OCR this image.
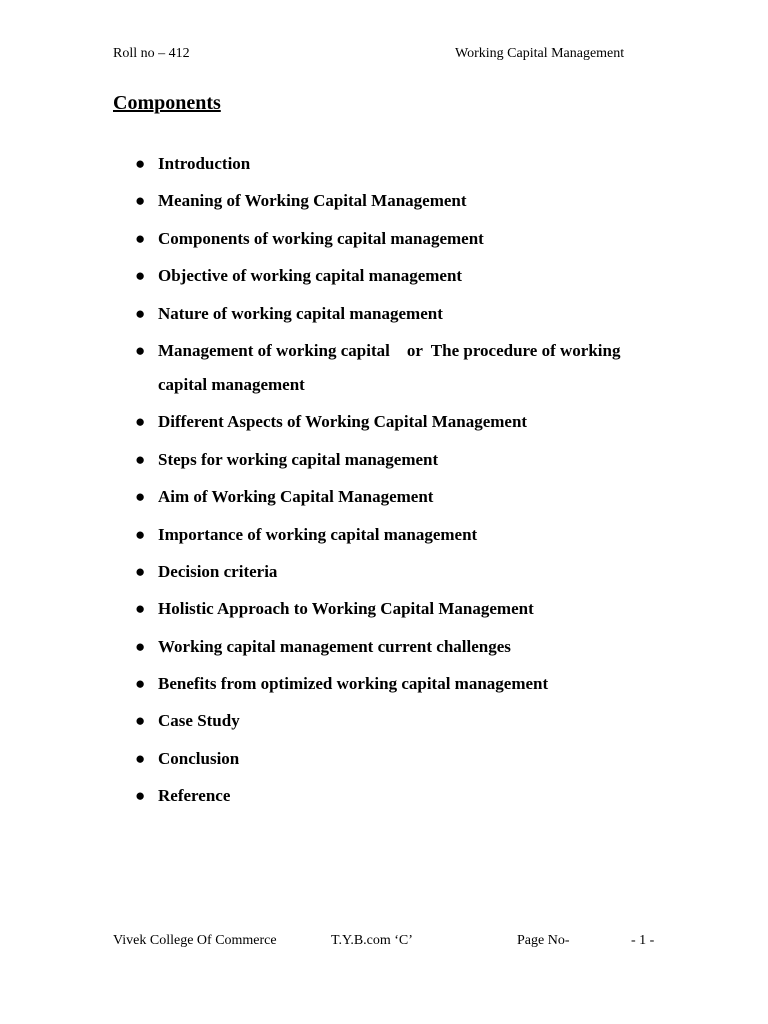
Roll no – 412	Working Capital Management
Components
● Introduction
● Meaning of Working Capital Management
● Components of working capital management
● Objective of working capital management
● Nature of working capital management
● Management of working capital    or  The procedure of working capital management
● Different Aspects of Working Capital Management
● Steps for working capital management
● Aim of Working Capital Management
● Importance of working capital management
● Decision criteria
● Holistic Approach to Working Capital Management
● Working capital management current challenges
● Benefits from optimized working capital management
● Case Study
● Conclusion
● Reference
Vivek College Of Commerce	T.Y.B.com ‘C’	Page No-	- 1 -
